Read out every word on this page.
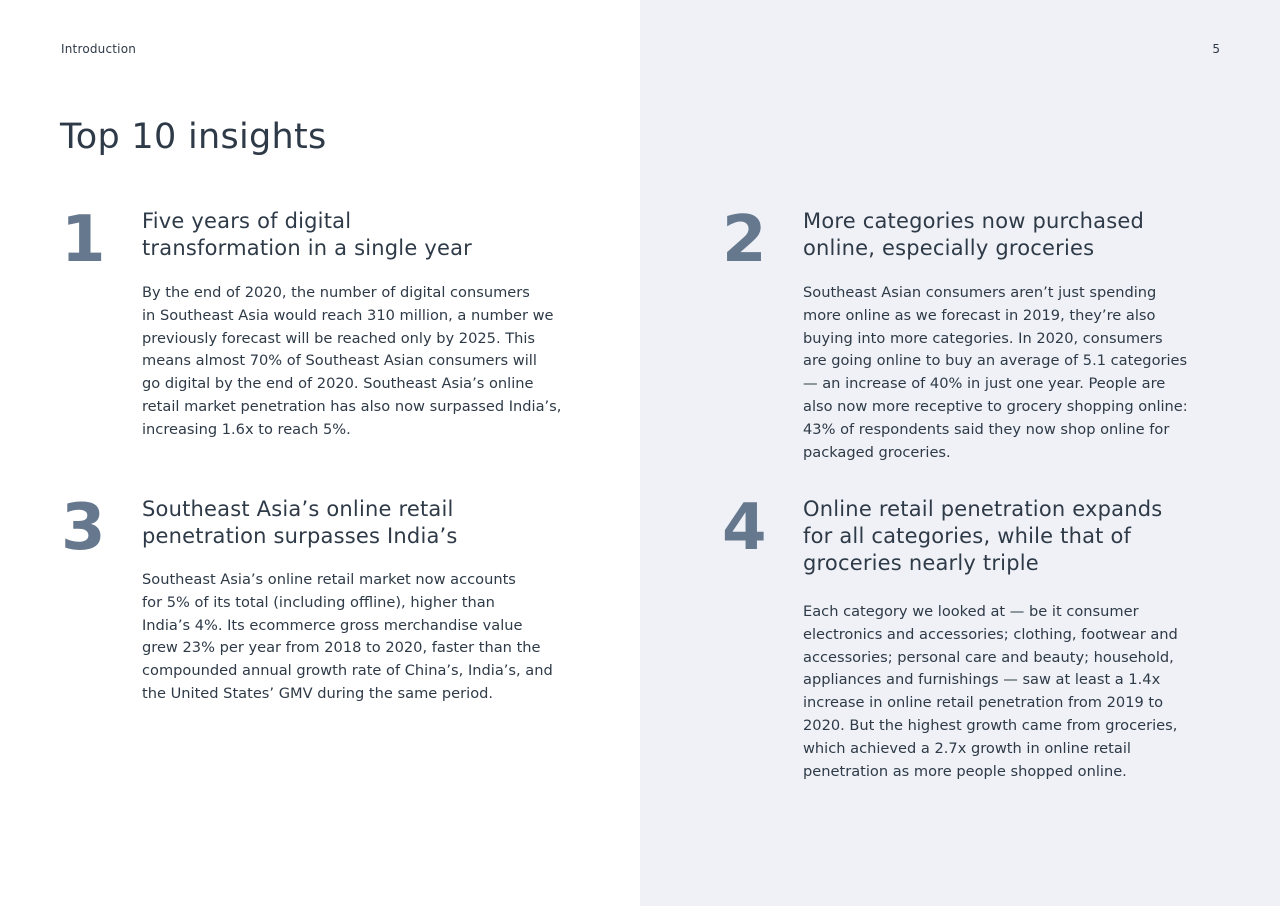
Introduction	5

Top 10 insights

1 Five years of digital
transformation in a single year

By the end of 2020, the number of digital consumers
in Southeast Asia would reach 310 million, a number we
previously forecast will be reached only by 2025. This
means almost 70% of Southeast Asian consumers will
go digital by the end of 2020. Southeast Asia’s online
retail market penetration has also now surpassed India’s,
increasing 1.6x to reach 5%.

2 More categories now purchased
online, especially groceries

Southeast Asian consumers aren’t just spending
more online as we forecast in 2019, they’re also
buying into more categories. In 2020, consumers
are going online to buy an average of 5.1 categories
— an increase of 40% in just one year. People are
also now more receptive to grocery shopping online:
43% of respondents said they now shop online for
packaged groceries.

3 Southeast Asia’s online retail
penetration surpasses India’s

Southeast Asia’s online retail market now accounts
for 5% of its total (including offline), higher than
India’s 4%. Its ecommerce gross merchandise value
grew 23% per year from 2018 to 2020, faster than the
compounded annual growth rate of China’s, India’s, and
the United States’ GMV during the same period.

4 Online retail penetration expands
for all categories, while that of
groceries nearly triple

Each category we looked at — be it consumer
electronics and accessories; clothing, footwear and
accessories; personal care and beauty; household,
appliances and furnishings — saw at least a 1.4x
increase in online retail penetration from 2019 to
2020. But the highest growth came from groceries,
which achieved a 2.7x growth in online retail
penetration as more people shopped online.
